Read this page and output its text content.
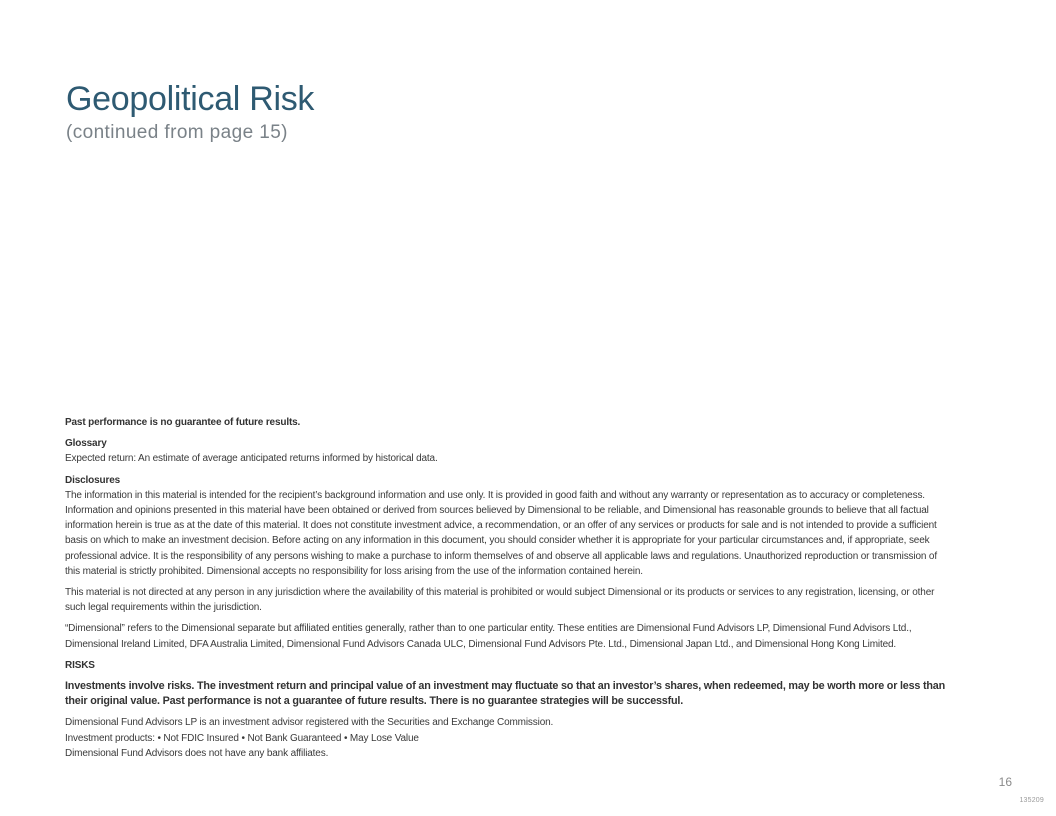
Geopolitical Risk
(continued from page 15)

Past performance is no guarantee of future results.

Glossary
Expected return: An estimate of average anticipated returns informed by historical data.

Disclosures
The information in this material is intended for the recipient’s background information and use only. It is provided in good faith and without any warranty or representation as to accuracy or completeness. Information and opinions presented in this material have been obtained or derived from sources believed by Dimensional to be reliable, and Dimensional has reasonable grounds to believe that all factual information herein is true as at the date of this material. It does not constitute investment advice, a recommendation, or an offer of any services or products for sale and is not intended to provide a sufficient basis on which to make an investment decision. Before acting on any information in this document, you should consider whether it is appropriate for your particular circumstances and, if appropriate, seek professional advice. It is the responsibility of any persons wishing to make a purchase to inform themselves of and observe all applicable laws and regulations. Unauthorized reproduction or transmission of this material is strictly prohibited. Dimensional accepts no responsibility for loss arising from the use of the information contained herein.

This material is not directed at any person in any jurisdiction where the availability of this material is prohibited or would subject Dimensional or its products or services to any registration, licensing, or other such legal requirements within the jurisdiction.

“Dimensional” refers to the Dimensional separate but affiliated entities generally, rather than to one particular entity. These entities are Dimensional Fund Advisors LP, Dimensional Fund Advisors Ltd., Dimensional Ireland Limited, DFA Australia Limited, Dimensional Fund Advisors Canada ULC, Dimensional Fund Advisors Pte. Ltd., Dimensional Japan Ltd., and Dimensional Hong Kong Limited.

RISKS

Investments involve risks. The investment return and principal value of an investment may fluctuate so that an investor’s shares, when redeemed, may be worth more or less than their original value. Past performance is not a guarantee of future results. There is no guarantee strategies will be successful.

Dimensional Fund Advisors LP is an investment advisor registered with the Securities and Exchange Commission.
Investment products: • Not FDIC Insured • Not Bank Guaranteed • May Lose Value
Dimensional Fund Advisors does not have any bank affiliates.

16
135209
